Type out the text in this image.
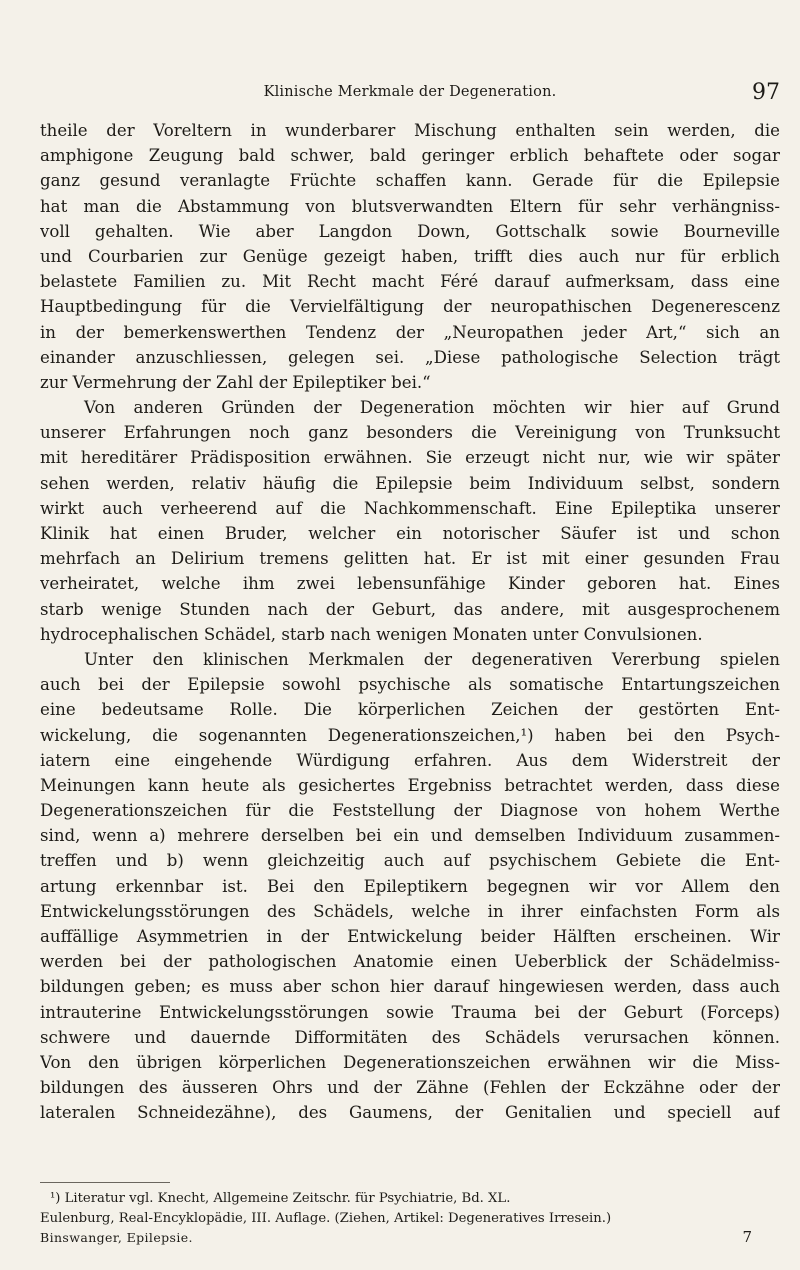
Klinische Merkmale der Degeneration.	97
theile der Voreltern in wunderbarer Mischung enthalten sein werden, die
amphigone Zeugung bald schwer, bald geringer erblich behaftete oder sogar
ganz gesund veranlagte Früchte schaffen kann. Gerade für die Epilepsie
hat man die Abstammung von blutsverwandten Eltern für sehr verhängniss-
voll gehalten. Wie aber Langdon Down, Gottschalk sowie Bourneville
und Courbarien zur Genüge gezeigt haben, trifft dies auch nur für erblich
belastete Familien zu. Mit Recht macht Féré darauf aufmerksam, dass eine
Hauptbedingung für die Vervielfältigung der neuropathischen Degenerescenz
in der bemerkenswerthen Tendenz der „Neuropathen jeder Art,“ sich an
einander anzuschliessen, gelegen sei. „Diese pathologische Selection trägt
zur Vermehrung der Zahl der Epileptiker bei.“
Von anderen Gründen der Degeneration möchten wir hier auf Grund
unserer Erfahrungen noch ganz besonders die Vereinigung von Trunksucht
mit hereditärer Prädisposition erwähnen. Sie erzeugt nicht nur, wie wir später
sehen werden, relativ häufig die Epilepsie beim Individuum selbst, sondern
wirkt auch verheerend auf die Nachkommenschaft. Eine Epileptika unserer
Klinik hat einen Bruder, welcher ein notorischer Säufer ist und schon
mehrfach an Delirium tremens gelitten hat. Er ist mit einer gesunden Frau
verheiratet, welche ihm zwei lebensunfähige Kinder geboren hat. Eines
starb wenige Stunden nach der Geburt, das andere, mit ausgesprochenem
hydrocephalischen Schädel, starb nach wenigen Monaten unter Convulsionen.
Unter den klinischen Merkmalen der degenerativen Vererbung spielen
auch bei der Epilepsie sowohl psychische als somatische Entartungszeichen
eine bedeutsame Rolle. Die körperlichen Zeichen der gestörten Ent-
wickelung, die sogenannten Degenerationszeichen,¹) haben bei den Psych-
iatern eine eingehende Würdigung erfahren. Aus dem Widerstreit der
Meinungen kann heute als gesichertes Ergebniss betrachtet werden, dass diese
Degenerationszeichen für die Feststellung der Diagnose von hohem Werthe
sind, wenn a) mehrere derselben bei ein und demselben Individuum zusammen-
treffen und b) wenn gleichzeitig auch auf psychischem Gebiete die Ent-
artung erkennbar ist. Bei den Epileptikern begegnen wir vor Allem den
Entwickelungsstörungen des Schädels, welche in ihrer einfachsten Form als
auffällige Asymmetrien in der Entwickelung beider Hälften erscheinen. Wir
werden bei der pathologischen Anatomie einen Ueberblick der Schädelmiss-
bildungen geben; es muss aber schon hier darauf hingewiesen werden, dass auch
intrauterine Entwickelungsstörungen sowie Trauma bei der Geburt (Forceps)
schwere und dauernde Difformitäten des Schädels verursachen können.
Von den übrigen körperlichen Degenerationszeichen erwähnen wir die Miss-
bildungen des äusseren Ohrs und der Zähne (Fehlen der Eckzähne oder der
lateralen Schneidezähne), des Gaumens, der Genitalien und speciell auf
¹) Literatur vgl. Knecht, Allgemeine Zeitschr. für Psychiatrie, Bd. XL.
Eulenburg, Real-Encyklopädie, III. Auflage. (Ziehen, Artikel: Degeneratives Irresein.)
Binswanger, Epilepsie.	7
